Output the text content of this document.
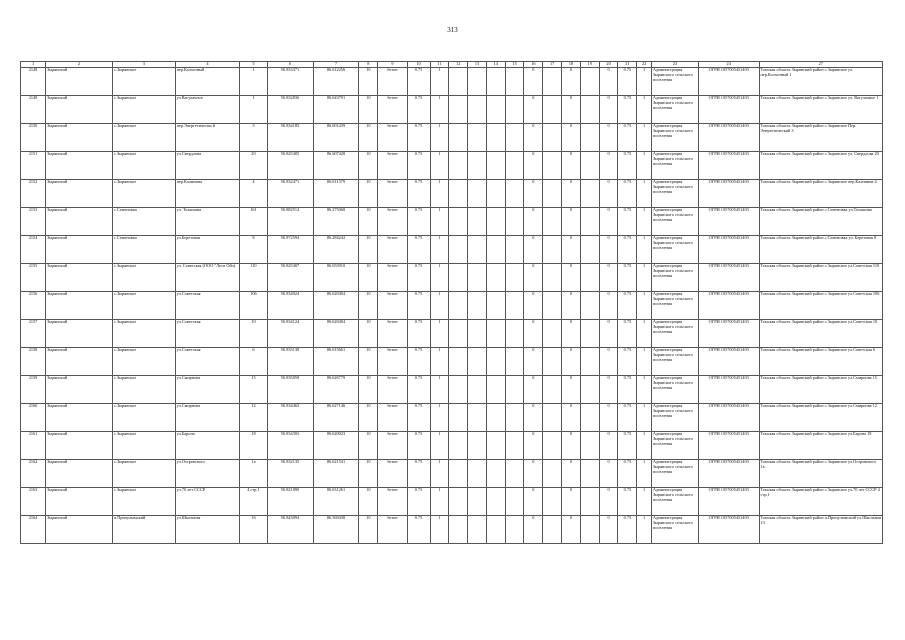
313
1	2	3	4	5	6	7	8	9	10	11	12	13	14	15	16	17	18	19	20	21	22	23	24	27
2148	Зырянский	с.Зырянское	пер.Колхозный	1	56.833371	86.612256	10	бетон	0.75	1					0		0		0	0.75	1	Администрация Зырянского сельского поселения	ОГРН 1057005451403	Томская область Зырянский район с.Зырянское ул. пер.Колхозный 1
2149	Зырянский	с.Зырянское	ул.Вагулачное	1	56.832836	86.643791	10	бетон	0.75	1					0		0		0	0.75	1	Администрация Зырянского сельского поселения	ОГРН 1057005451403	Томская область Зырянский район с.Зырянское ул. Вагулачное 1
2150	Зырянский	с.Зырянское	пер.Энергетически й	3	56.834185	86.601439	10	бетон	0.75	1					0		0		0	0.75	1	Администрация Зырянского сельского поселения	ОГРН 1057005451403	Томская область Зырянский район с.Зырянское Пер. Энергетический 3
2151	Зырянский	с.Зырянское	ул.Свердлова	20	56.825405	86.607428	10	бетон	0.75	1					0		0		0	0.75	1	Администрация Зырянского сельского поселения	ОГРН 1057005451403	Томская область Зырянский район с.Зырянское ул. Свердлова 20
2152	Зырянский	с.Зырянское	пер.Калинина	4	56.832471	86.611379	10	бетон	0.75	1					0		0		0	0.75	1	Администрация Зырянского сельского поселения	ОГРН 1057005451403	Томская область Зырянский район с.Зырянское пер.Калинина 4
2153	Зырянский	с.Семеновка	ул. Тохашина	161	56.882514	86.275068	10	бетон	0.75	1					0		0		0	0.75	1	Администрация Зырянского сельского поселения	ОГРН 1057005451403	Томская область Зырянский район с.Семеновка ул.Тохашина
2154	Зырянский	с.Семеновка	ул.Березовая	8	56.872594	86.284242	10	бетон	0.75	1					0		0		0	0.75	1	Администрация Зырянского сельского поселения	ОГРН 1057005451403	Томская область Зырянский район с.Семеновка ул. Березовая 8
2155	Зырянский	с.Зырянское	ул. Советская (ООО "Лесн Ойл)	110	56.825407	86.653910	10	бетон	0.75	1					0		0		0	0.75	1	Администрация Зырянского сельского поселения	ОГРН 1057005451403	Томская область Зырянский район с.Зырянское ул.Советская 110
2156	Зырянский	с.Зырянское	ул.Советская	106	56.834024	86.620404	10	бетон	0.75	1					0		0		0	0.75	1	Администрация Зырянского сельского поселения	ОГРН 1057005451403	Томская область Зырянский район с.Зырянское ул.Советская 106
2157	Зырянский	с.Зырянское	ул.Советская	10	56.834124	86.620404	10	бетон	0.75	1					0		0		0	0.75	1	Администрация Зырянского сельского поселения	ОГРН 1057005451403	Томская область Зырянский район с.Зырянское ул.Советская 10
2158	Зырянский	с.Зырянское	ул.Советская	6	56.835138	86.615661	10	бетон	0.75	1					0		0		0	0.75	1	Администрация Зырянского сельского поселения	ОГРН 1057005451403	Томская область Зырянский район с.Зырянское ул.Советская 6
2159	Зырянский	с.Зырянское	ул.Смирнова	15	56.835058	86.626779	10	бетон	0.75	1					0		0		0	0.75	1	Администрация Зырянского сельского поселения	ОГРН 1057005451403	Томская область Зырянский район с.Зырянское ул.Смирнова 15
2160	Зырянский	с.Зырянское	ул.Смирнова	12	56.834463	86.627146	10	бетон	0.75	1					0		0		0	0.75	1	Администрация Зырянского сельского поселения	ОГРН 1057005451403	Томская область Зырянский район с.Зырянское ул.Смирнова 12
2161	Зырянский	с.Зырянское	ул.Барона	18	56.834393	86.620023	10	бетон	0.75	1					0		0		0	0.75	1	Администрация Зырянского сельского поселения	ОГРН 1057005451403	Томская область Зырянский район с.Зырянское ул.Барона 18
2162	Зырянский	с.Зырянское	ул.Островского	1а	56.832135	86.621541	10	бетон	0.75	1					0		0		0	0.75	1	Администрация Зырянского сельского поселения	ОГРН 1057005451403	Томская область Зырянский район с.Зырянское ул.Островского 1а
2163	Зырянский	с.Зырянское	ул.70 лет СССР	4 стр.1	56.821890	86.631261	10	бетон	0.75	1					0		0		0	0.75	1	Администрация Зырянского сельского поселения	ОГРН 1057005451403	Томская область Зырянский район с.Зырянское ул.70 лет СССР 4 стр.1
2164	Зырянский	п.Причулымский	ул.Школьная	16	56.843094	86.569438	10	бетон	0.75	1					0		0		0	0.75	1	Администрация Зырянского сельского поселения	ОГРН 1057005451403	Томская область Зырянский район п.Причулымский ул.Школьная 13
